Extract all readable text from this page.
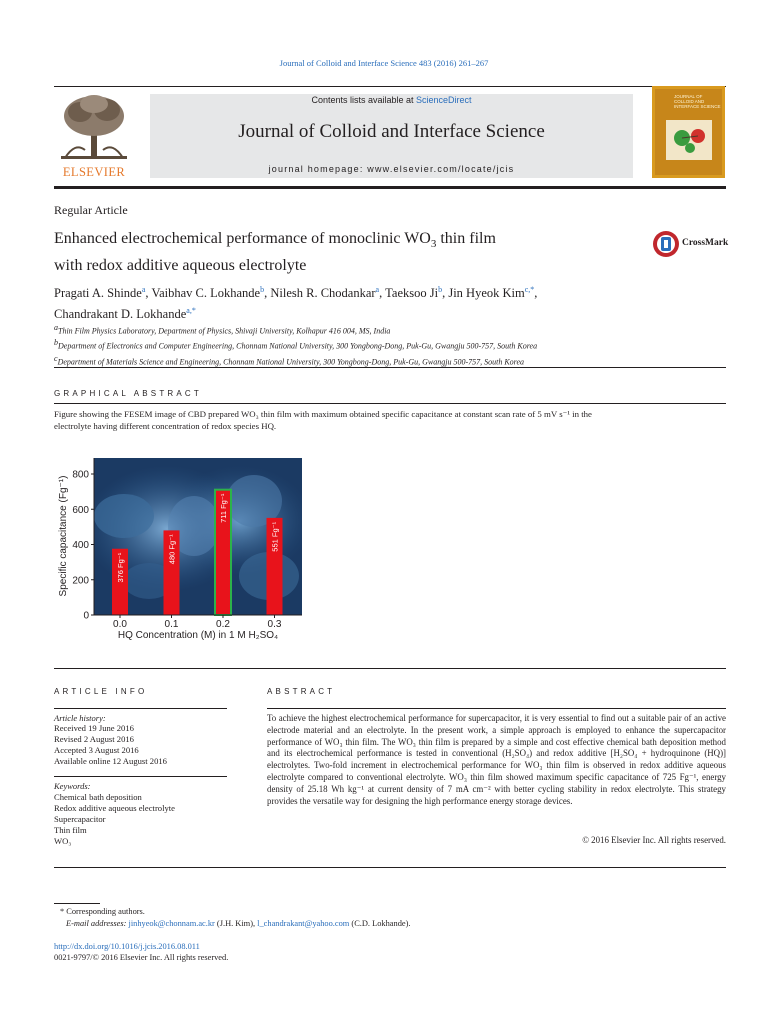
Journal of Colloid and Interface Science 483 (2016) 261–267
ELSEVIER
Contents lists available at ScienceDirect
Journal of Colloid and Interface Science
journal homepage: www.elsevier.com/locate/jcis
JOURNAL OF COLLOID AND INTERFACE SCIENCE
Regular Article
Enhanced electrochemical performance of monoclinic $WO_3$ thin film
with redox additive aqueous electrolyte
CrossMark
Pragati A. Shinde$^a$, Vaibhav C. Lokhande$^b$, Nilesh R. Chodankar$^a$, Taeksoo Ji$^b$, Jin Hyeok Kim$^{c,*}$,
Chandrakant D. Lokhande$^{a,*}$
$^a$Thin Film Physics Laboratory, Department of Physics, Shivaji University, Kolhapur 416 004, MS, India
$^b$Department of Electronics and Computer Engineering, Chonnam National University, 300 Yongbong-Dong, Puk-Gu, Gwangju 500-757, South Korea
$^c$Department of Materials Science and Engineering, Chonnam National University, 300 Yongbong-Dong, Puk-Gu, Gwangju 500-757, South Korea
GRAPHICAL ABSTRACT
Figure showing the FESEM image of CBD prepared WO₃ thin film with maximum obtained specific capacitance at constant scan rate of 5 mV s⁻¹ in the
electrolyte having different concentration of redox species HQ.
0
200
400
600
800
376 Fg⁻¹
480 Fg⁻¹
711 Fg⁻¹
551 Fg⁻¹
0.0	0.1	0.2	0.3
HQ Concentration (M) in 1 M H₂SO₄
Specific capacitance (Fg⁻¹)
ARTICLE INFO
Article history:
Received 19 June 2016
Revised 2 August 2016
Accepted 3 August 2016
Available online 12 August 2016
Keywords:
Chemical bath deposition
Redox additive aqueous electrolyte
Supercapacitor
Thin film
WO₃
ABSTRACT
To achieve the highest electrochemical performance for supercapacitor, it is very essential to find out a suitable pair of an active electrode material and an electrolyte. In the present work, a simple approach is employed to enhance the supercapacitor performance of WO₃ thin film. The WO₃ thin film is prepared by a simple and cost effective chemical bath deposition method and its electrochemical performance is tested in conventional (H₂SO₄) and redox additive [H₂SO₄ + hydroquinone (HQ)] electrolytes. Two-fold increment in electrochemical performance for WO₃ thin film is observed in redox additive aqueous electrolyte compared to conventional electrolyte. WO₃ thin film showed maximum specific capacitance of 725 Fg⁻¹, energy density of 25.18 Wh kg⁻¹ at current density of 7 mA cm⁻² with better cycling stability in redox electrolyte. This strategy provides the versatile way for designing the high performance energy storage devices.
© 2016 Elsevier Inc. All rights reserved.
* Corresponding authors.
E-mail addresses: jinhyeok@chonnam.ac.kr (J.H. Kim), l_chandrakant@yahoo.com (C.D. Lokhande).
http://dx.doi.org/10.1016/j.jcis.2016.08.011
0021-9797/© 2016 Elsevier Inc. All rights reserved.
